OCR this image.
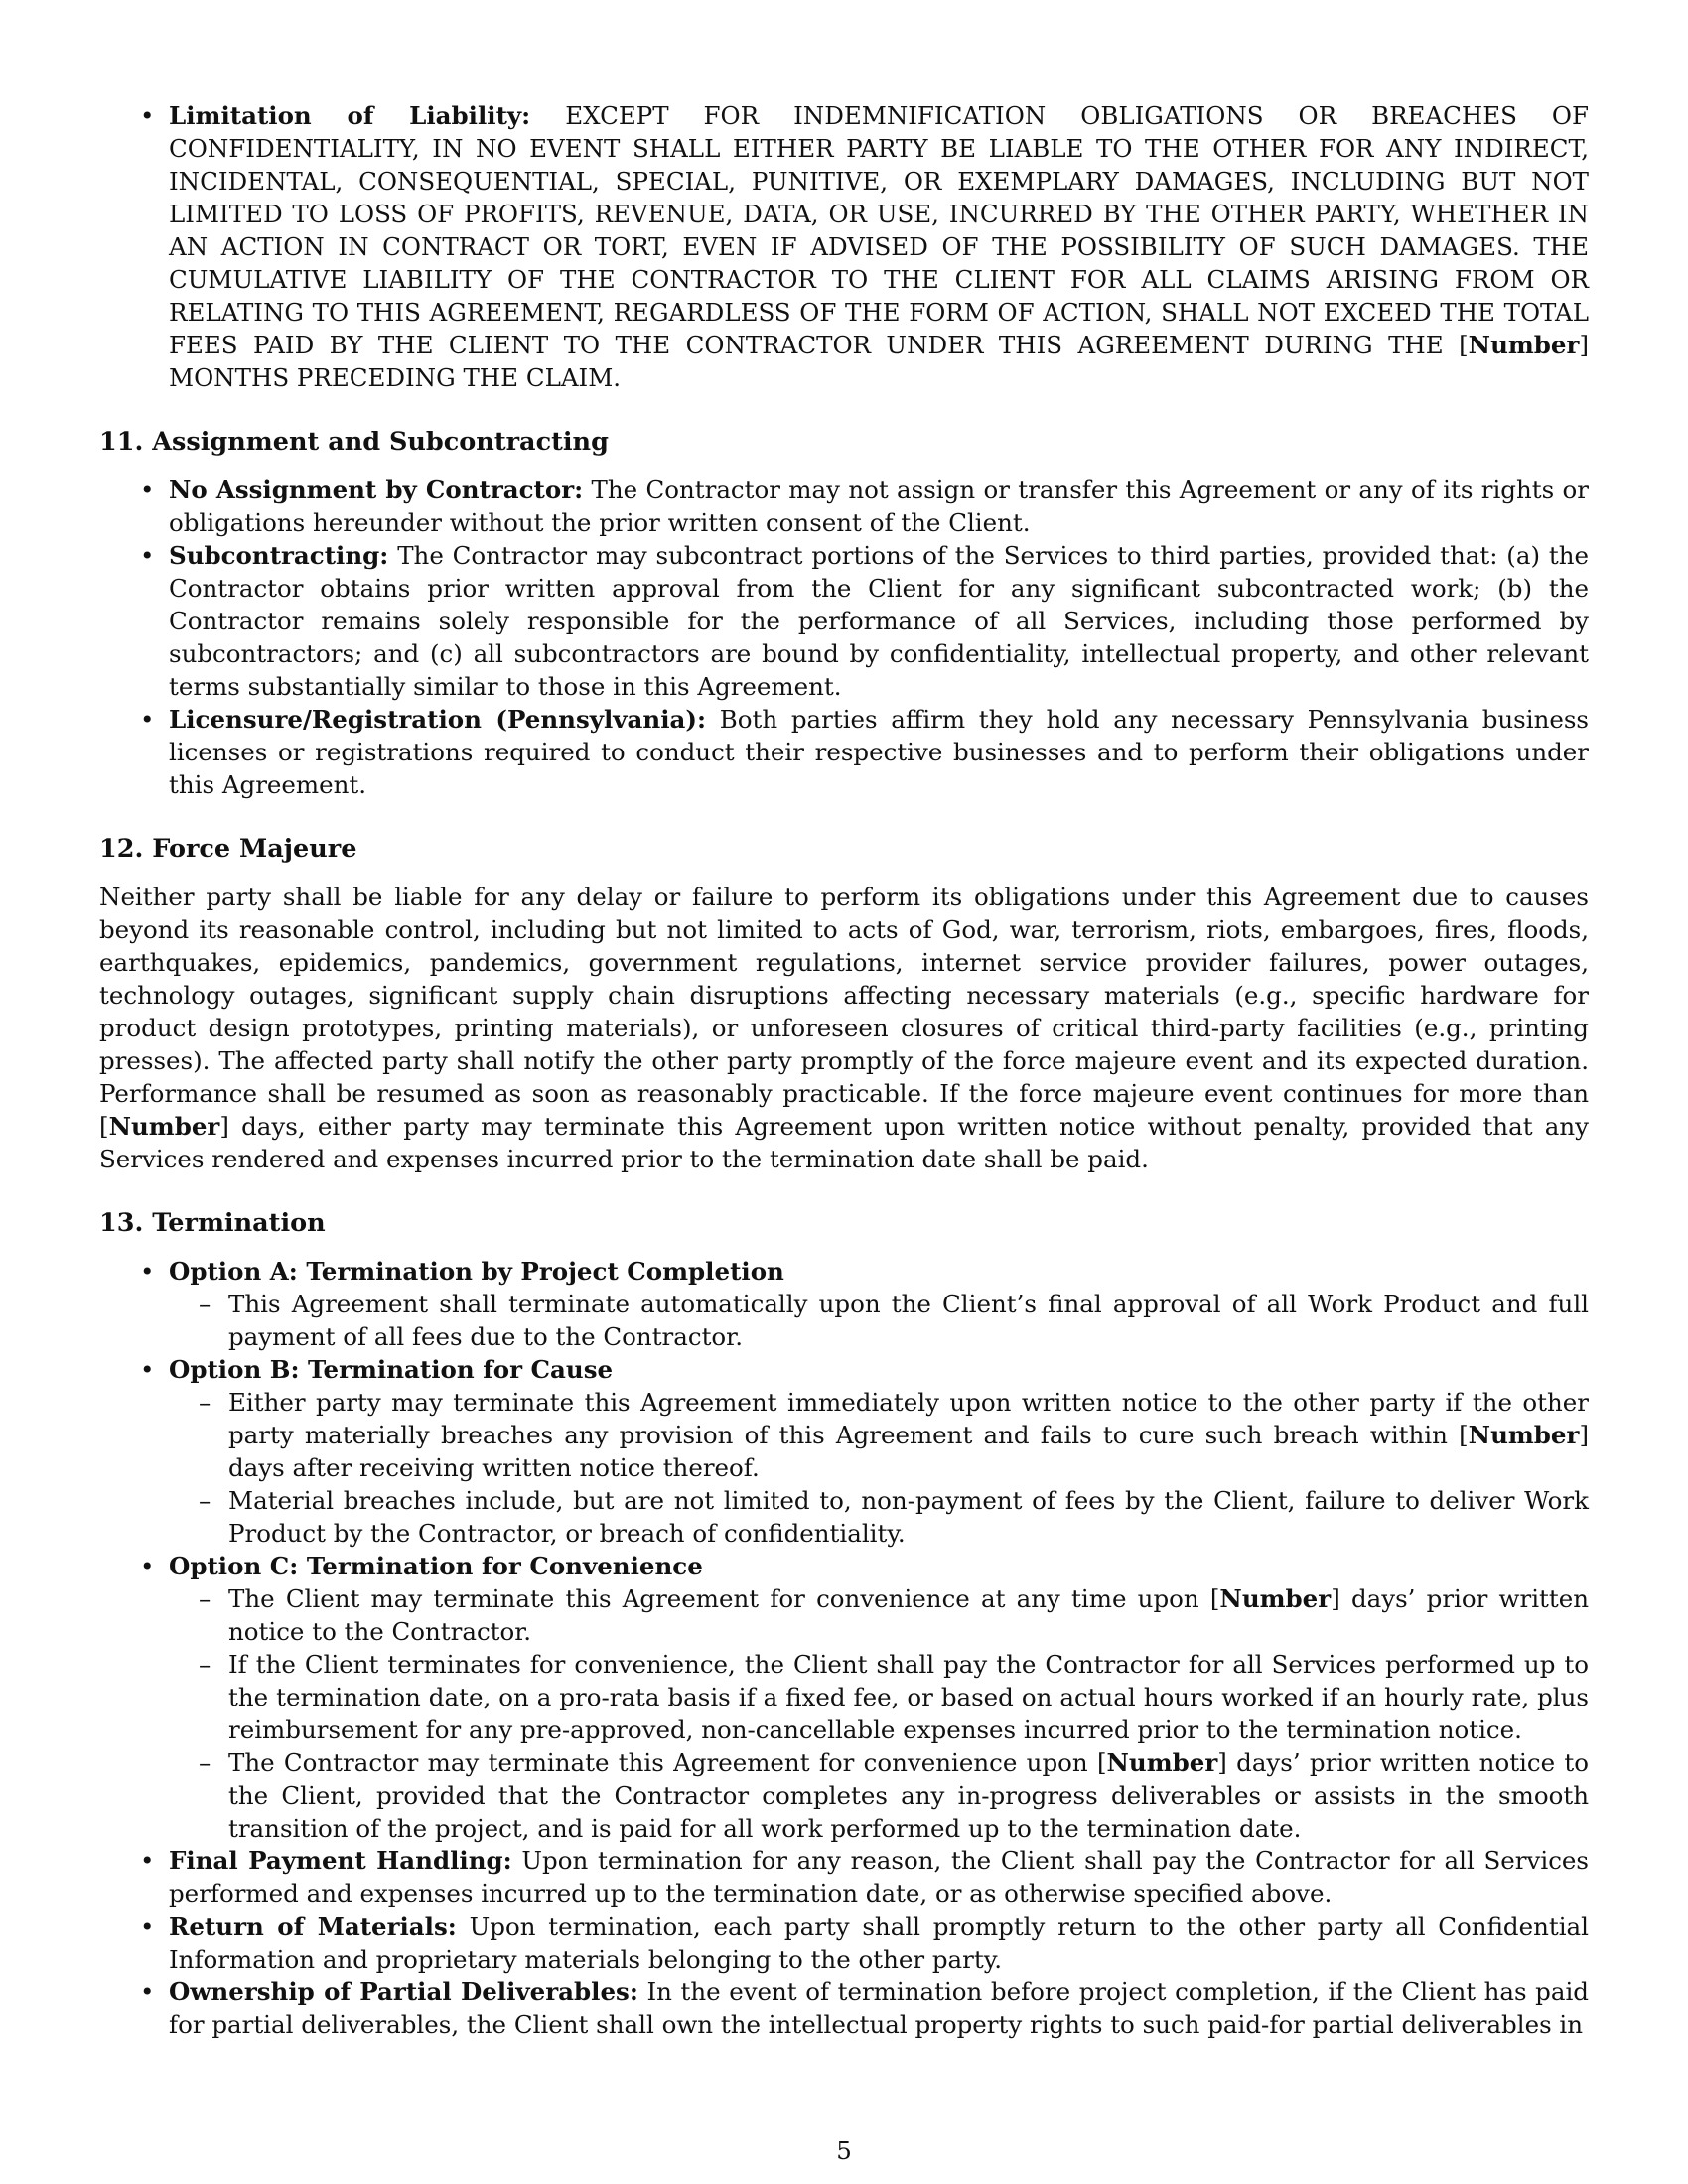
• Limitation of Liability: EXCEPT FOR INDEMNIFICATION OBLIGATIONS OR BREACHES OF CONFIDENTIALITY, IN NO EVENT SHALL EITHER PARTY BE LIABLE TO THE OTHER FOR ANY INDIRECT, INCIDENTAL, CONSEQUENTIAL, SPECIAL, PUNITIVE, OR EXEMPLARY DAMAGES, INCLUDING BUT NOT LIMITED TO LOSS OF PROFITS, REVENUE, DATA, OR USE, INCURRED BY THE OTHER PARTY, WHETHER IN AN ACTION IN CONTRACT OR TORT, EVEN IF ADVISED OF THE POSSIBILITY OF SUCH DAMAGES. THE CUMULATIVE LIABILITY OF THE CONTRACTOR TO THE CLIENT FOR ALL CLAIMS ARISING FROM OR RELATING TO THIS AGREEMENT, REGARDLESS OF THE FORM OF ACTION, SHALL NOT EXCEED THE TOTAL FEES PAID BY THE CLIENT TO THE CONTRACTOR UNDER THIS AGREEMENT DURING THE [Number] MONTHS PRECEDING THE CLAIM.
11. Assignment and Subcontracting
• No Assignment by Contractor: The Contractor may not assign or transfer this Agreement or any of its rights or obligations hereunder without the prior written consent of the Client.
• Subcontracting: The Contractor may subcontract portions of the Services to third parties, provided that: (a) the Contractor obtains prior written approval from the Client for any significant subcontracted work; (b) the Contractor remains solely responsible for the performance of all Services, including those performed by subcontractors; and (c) all subcontractors are bound by confidentiality, intellectual property, and other relevant terms substantially similar to those in this Agreement.
• Licensure/Registration (Pennsylvania): Both parties affirm they hold any necessary Pennsylvania business licenses or registrations required to conduct their respective businesses and to perform their obligations under this Agreement.
12. Force Majeure

Neither party shall be liable for any delay or failure to perform its obligations under this Agreement due to causes beyond its reasonable control, including but not limited to acts of God, war, terrorism, riots, embargoes, fires, floods, earthquakes, epidemics, pandemics, government regulations, internet service provider failures, power outages, technology outages, significant supply chain disruptions affecting necessary materials (e.g., specific hardware for product design prototypes, printing materials), or unforeseen closures of critical third-party facilities (e.g., printing presses). The affected party shall notify the other party promptly of the force majeure event and its expected duration. Performance shall be resumed as soon as reasonably practicable. If the force majeure event continues for more than [Number] days, either party may terminate this Agreement upon written notice without penalty, provided that any Services rendered and expenses incurred prior to the termination date shall be paid.

13. Termination
• Option A: Termination by Project Completion
– This Agreement shall terminate automatically upon the Client’s final approval of all Work Product and full payment of all fees due to the Contractor.
• Option B: Termination for Cause
– Either party may terminate this Agreement immediately upon written notice to the other party if the other party materially breaches any provision of this Agreement and fails to cure such breach within [Number] days after receiving written notice thereof.
– Material breaches include, but are not limited to, non-payment of fees by the Client, failure to deliver Work Product by the Contractor, or breach of confidentiality.
• Option C: Termination for Convenience
– The Client may terminate this Agreement for convenience at any time upon [Number] days’ prior written notice to the Contractor.
– If the Client terminates for convenience, the Client shall pay the Contractor for all Services performed up to the termination date, on a pro-rata basis if a fixed fee, or based on actual hours worked if an hourly rate, plus reimbursement for any pre-approved, non-cancellable expenses incurred prior to the termination notice.
– The Contractor may terminate this Agreement for convenience upon [Number] days’ prior written notice to the Client, provided that the Contractor completes any in-progress deliverables or assists in the smooth transition of the project, and is paid for all work performed up to the termination date.
• Final Payment Handling: Upon termination for any reason, the Client shall pay the Contractor for all Services performed and expenses incurred up to the termination date, or as otherwise specified above.
• Return of Materials: Upon termination, each party shall promptly return to the other party all Confidential Information and proprietary materials belonging to the other party.
• Ownership of Partial Deliverables: In the event of termination before project completion, if the Client has paid for partial deliverables, the Client shall own the intellectual property rights to such paid-for partial deliverables in
5
